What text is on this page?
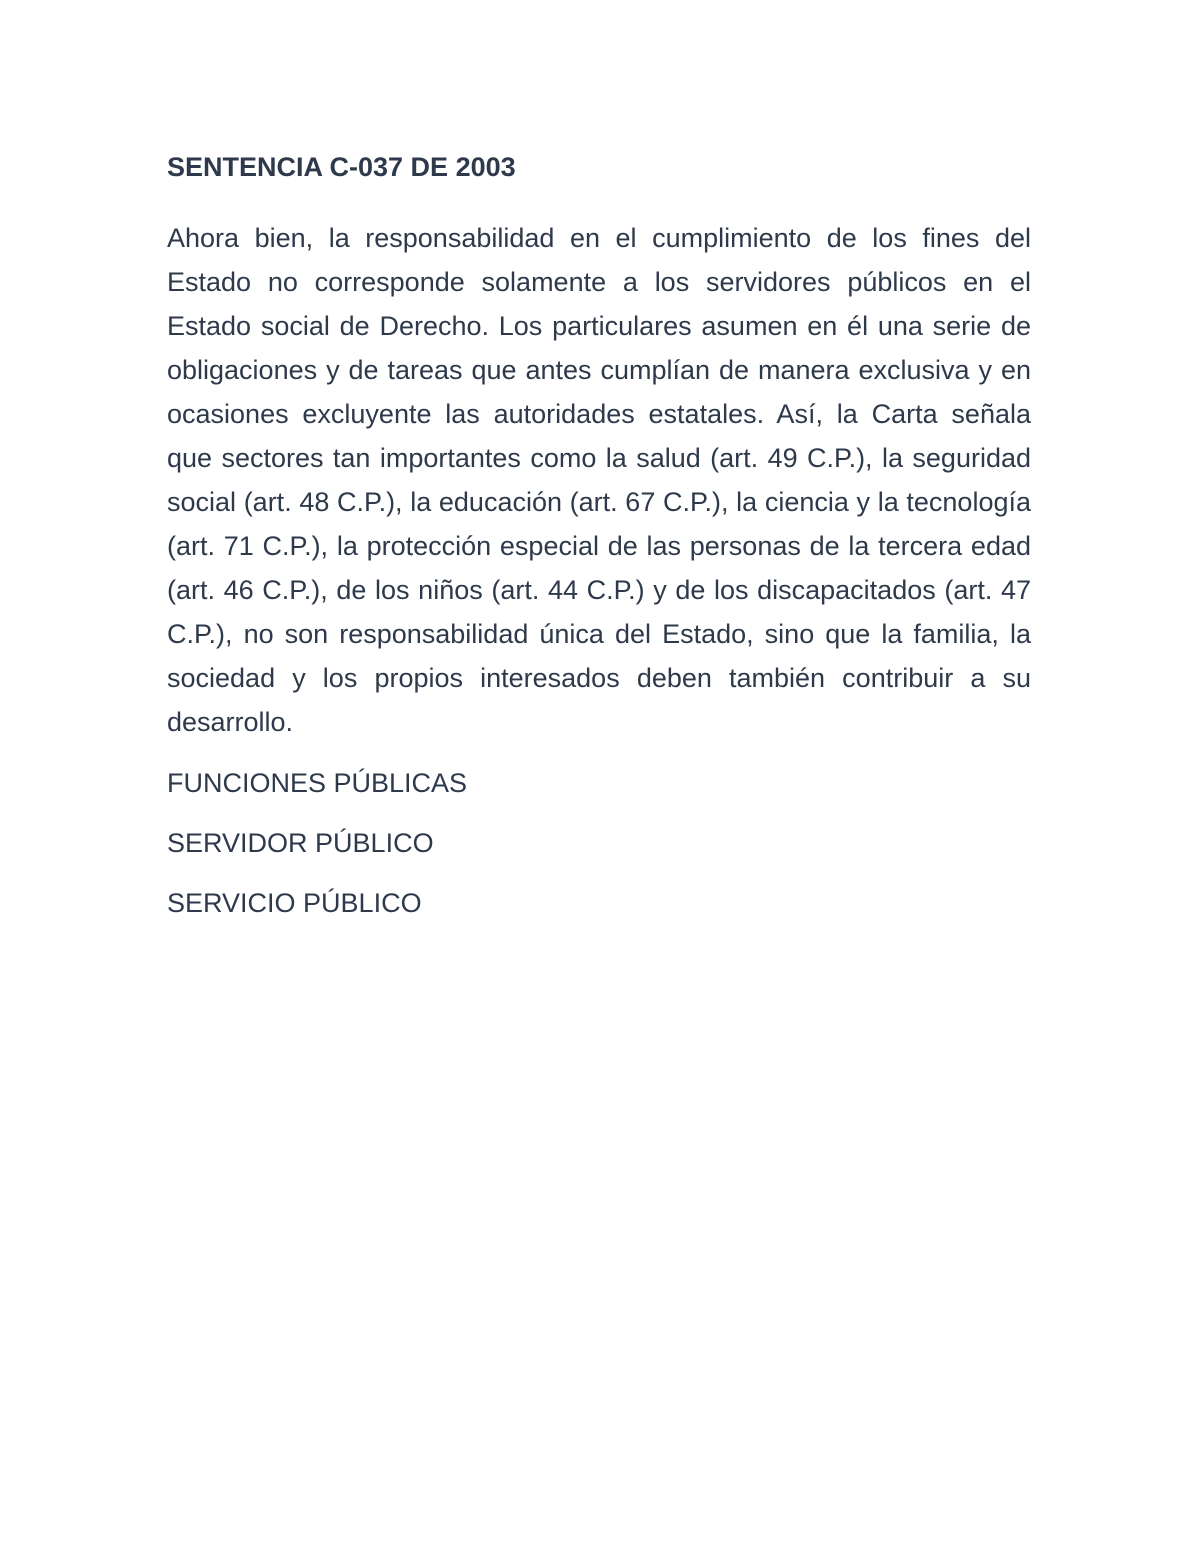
SENTENCIA C-037 DE 2003

Ahora bien, la responsabilidad en el cumplimiento de los fines del Estado no corresponde solamente a los servidores públicos en el Estado social de Derecho. Los particulares asumen en él una serie de obligaciones y de tareas que antes cumplían de manera exclusiva y en ocasiones excluyente las autoridades estatales. Así, la Carta señala que sectores tan importantes como la salud (art. 49 C.P.), la seguridad social (art. 48 C.P.), la educación (art. 67 C.P.), la ciencia y la tecnología (art. 71 C.P.), la protección especial de las personas de la tercera edad (art. 46 C.P.), de los niños (art. 44 C.P.) y de los discapacitados (art. 47 C.P.), no son responsabilidad única del Estado, sino que la familia, la sociedad y los propios interesados deben también contribuir a su desarrollo.

FUNCIONES PÚBLICAS

SERVIDOR PÚBLICO

SERVICIO PÚBLICO
